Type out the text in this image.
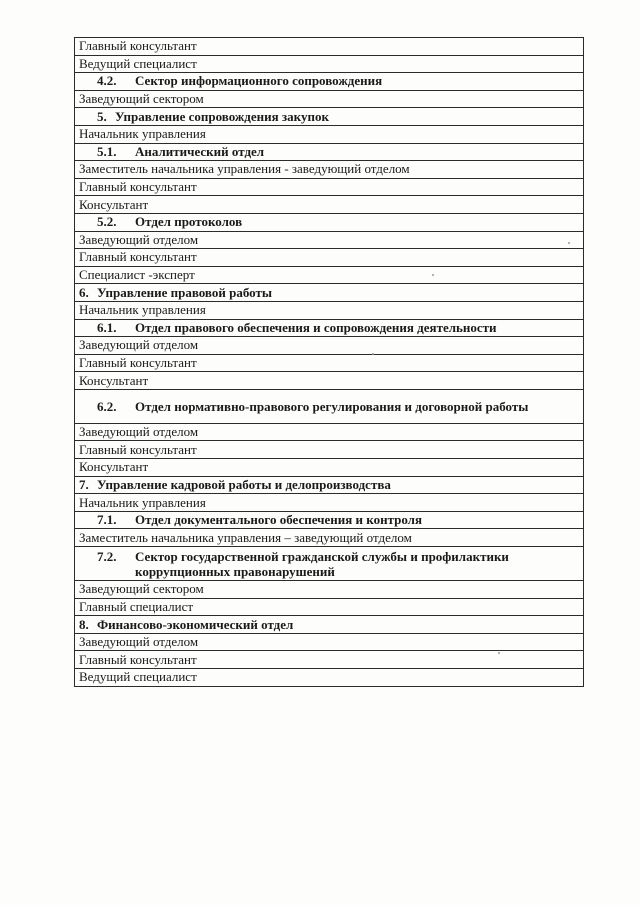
Главный консультант
Ведущий специалист
4.2. Сектор информационного сопровождения
Заведующий сектором
5. Управление сопровождения закупок
Начальник управления
5.1. Аналитический отдел
Заместитель начальника управления - заведующий отделом
Главный консультант
Консультант
5.2. Отдел протоколов
Заведующий отделом
Главный консультант
Специалист -эксперт
6. Управление правовой работы
Начальник управления
6.1. Отдел правового обеспечения и сопровождения деятельности
Заведующий отделом
Главный консультант
Консультант

6.2.	Отдел нормативно-правового регулирования и договорной работы

Заведующий отделом
Главный консультант
Консультант
7. Управление кадровой работы и делопроизводства
Начальник управления
7.1. Отдел документального обеспечения и контроля
Заместитель начальника управления – заведующий отделом

7.2.	Сектор государственной гражданской службы и профилактики коррупционных правонарушений

Заведующий сектором
Главный специалист
8. Финансово-экономический отдел
Заведующий отделом
Главный консультант
Ведущий специалист
